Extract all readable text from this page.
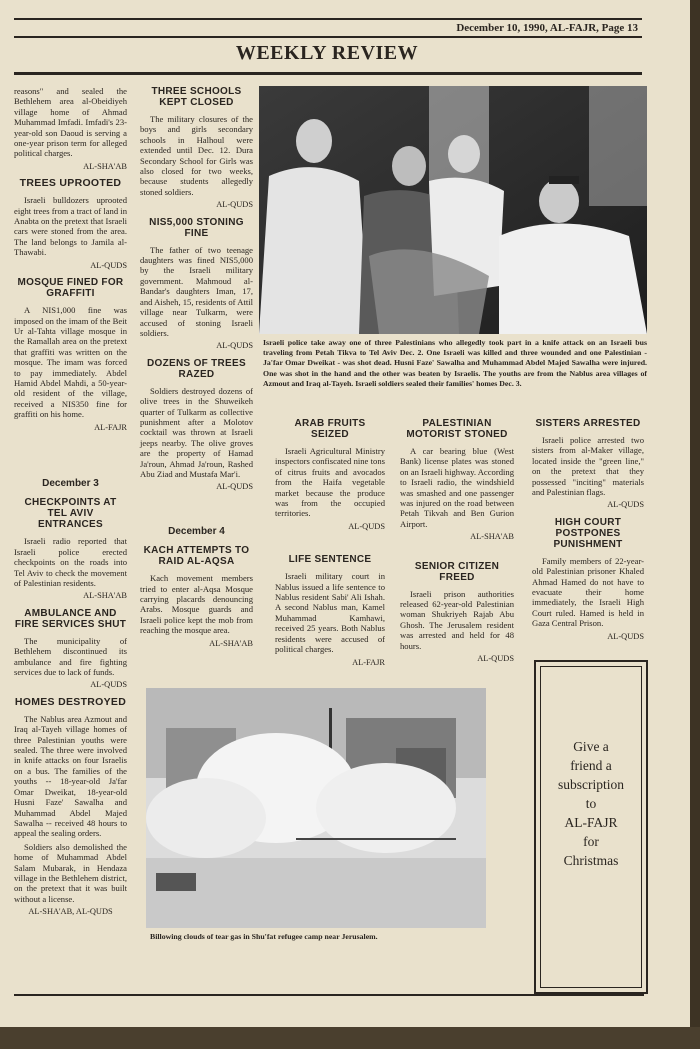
December 10, 1990, AL-FAJR, Page 13
WEEKLY REVIEW

reasons" and sealed the Bethlehem area al-Obeidiyeh village home of Ahmad Muhammad Imfadi. Imfadi's 23-year-old son Daoud is serving a one-year prison term for alleged political charges.

AL-SHA'AB
TREES UPROOTED

Israeli bulldozers uprooted eight trees from a tract of land in Anabta on the pretext that Israeli cars were stoned from the area. The land belongs to Jamila al-Thawabi.

AL-QUDS
MOSQUE FINED FOR GRAFFITI

A NIS1,000 fine was imposed on the imam of the Beit Ur al-Tahta village mosque in the Ramallah area on the pretext that graffiti was written on the mosque. The imam was forced to pay immediately. Abdel Hamid Abdel Mahdi, a 50-year-old resident of the village, received a NIS350 fine for graffiti on his home.

AL-FAJR
December 3
CHECKPOINTS AT TEL AVIV ENTRANCES

Israeli radio reported that Israeli police erected checkpoints on the roads into Tel Aviv to check the movement of Palestinian residents.

AL-SHA'AB
AMBULANCE AND FIRE SERVICES SHUT

The municipality of Bethlehem discontinued its ambulance and fire fighting services due to lack of funds.

AL-QUDS
HOMES DESTROYED

The Nablus area Azmout and Iraq al-Tayeh village homes of three Palestinian youths were sealed. The three were involved in knife attacks on four Israelis on a bus. The families of the youths -- 18-year-old Ja'far Omar Dweikat, 18-year-old Husni Faze' Sawalha and Muhammad Abdel Majed Sawalha -- received 48 hours to appeal the sealing orders.

Soldiers also demolished the home of Muhammad Abdel Salam Mubarak, in Hendaza village in the Bethlehem district, on the pretext that it was built without a license.

AL-SHA'AB, AL-QUDS
THREE SCHOOLS KEPT CLOSED

The military closures of the boys and girls secondary schools in Halhoul were extended until Dec. 12. Dura Secondary School for Girls was also closed for two weeks, because students allegedly stoned soldiers.

AL-QUDS
NIS5,000 STONING FINE

The father of two teenage daughters was fined NIS5,000 by the Israeli military government. Mahmoud al-Bandar's daughters Iman, 17, and Aisheh, 15, residents of Attil village near Tulkarm, were accused of stoning Israeli soldiers.

AL-QUDS
DOZENS OF TREES RAZED

Soldiers destroyed dozens of olive trees in the Shuweikeh quarter of Tulkarm as collective punishment after a Molotov cocktail was thrown at Israeli jeeps nearby. The olive groves are the property of Hamad Ja'roun, Ahmad Ja'roun, Rashed Abu Ziad and Mustafa Mar'i.

AL-QUDS
December 4
KACH ATTEMPTS TO RAID AL-AQSA

Kach movement members tried to enter al-Aqsa Mosque carrying placards denouncing Arabs. Mosque guards and Israeli police kept the mob from reaching the mosque area.

AL-SHA'AB
Israeli police take away one of three Palestinians who allegedly took part in a knife attack on an Israeli bus traveling from Petah Tikva to Tel Aviv Dec. 2. One Israeli was killed and three wounded and one Palestinian - Ja'far Omar Dweikat - was shot dead. Husni Faze' Sawalha and Muhammad Abdel Majed Sawalha were injured. One was shot in the hand and the other was beaten by Israelis. The youths are from the Nablus area villages of Azmout and Iraq al-Tayeh. Israeli soldiers sealed their families' homes Dec. 3.
ARAB FRUITS SEIZED

Israeli Agricultural Ministry inspectors confiscated nine tons of citrus fruits and avocados from the Haifa vegetable market because the produce was from the occupied territories.

AL-QUDS
LIFE SENTENCE

Israeli military court in Nablus issued a life sentence to Nablus resident Sabi' Ali Ishah. A second Nablus man, Kamel Muhammad Kamhawi, received 25 years. Both Nablus residents were accused of political charges.

AL-FAJR
PALESTINIAN MOTORIST STONED

A car bearing blue (West Bank) license plates was stoned on an Israeli highway. According to Israeli radio, the windshield was smashed and one passenger was injured on the road between Petah Tikvah and Ben Gurion Airport.

AL-SHA'AB
SENIOR CITIZEN FREED

Israeli prison authorities released 62-year-old Palestinian woman Shukriyeh Rajab Abu Ghosh. The Jerusalem resident was arrested and held for 48 hours.

AL-QUDS
SISTERS ARRESTED

Israeli police arrested two sisters from al-Maker village, located inside the "green line," on the pretext that they possessed "inciting" materials and Palestinian flags.

AL-QUDS
HIGH COURT POSTPONES PUNISHMENT

Family members of 22-year-old Palestinian prisoner Khaled Ahmad Hamed do not have to evacuate their home immediately, the Israeli High Court ruled. Hamed is held in Gaza Central Prison.

AL-QUDS
Give a
friend a
subscription
to
AL-FAJR
for
Christmas
Billowing clouds of tear gas in Shu'fat refugee camp near Jerusalem.
